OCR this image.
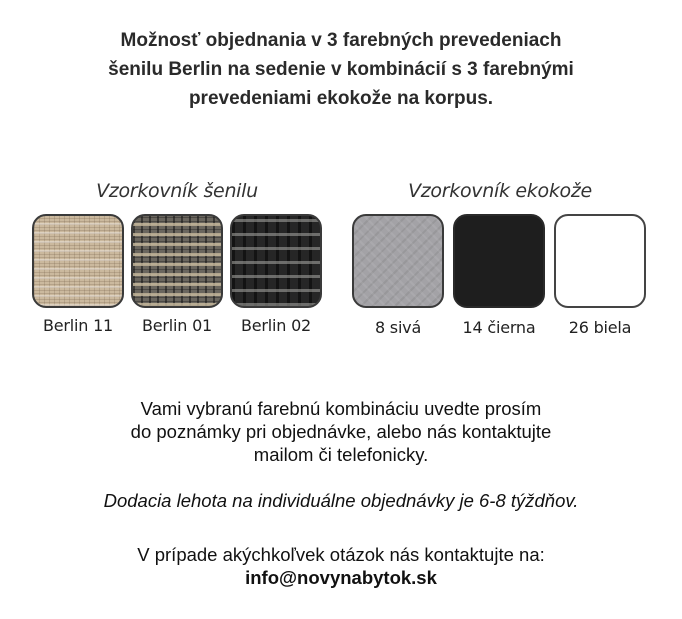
Možnosť objednania v 3 farebných prevedeniach
šenilu Berlin na sedenie v kombinácií s 3 farebnými
prevedeniami ekokože na korpus.
Vzorkovník šenilu
Berlin 11	Berlin 01	Berlin 02
Vzorkovník ekokože
8 sivá	14 čierna	26 biela
Vami vybranú farebnú kombináciu uvedte prosím
do poznámky pri objednávke, alebo nás kontaktujte
mailom či telefonicky.
Dodacia lehota na individuálne objednávky je 6-8 týždňov.
V prípade akýchkoľvek otázok nás kontaktujte na:
info@novynabytok.sk
